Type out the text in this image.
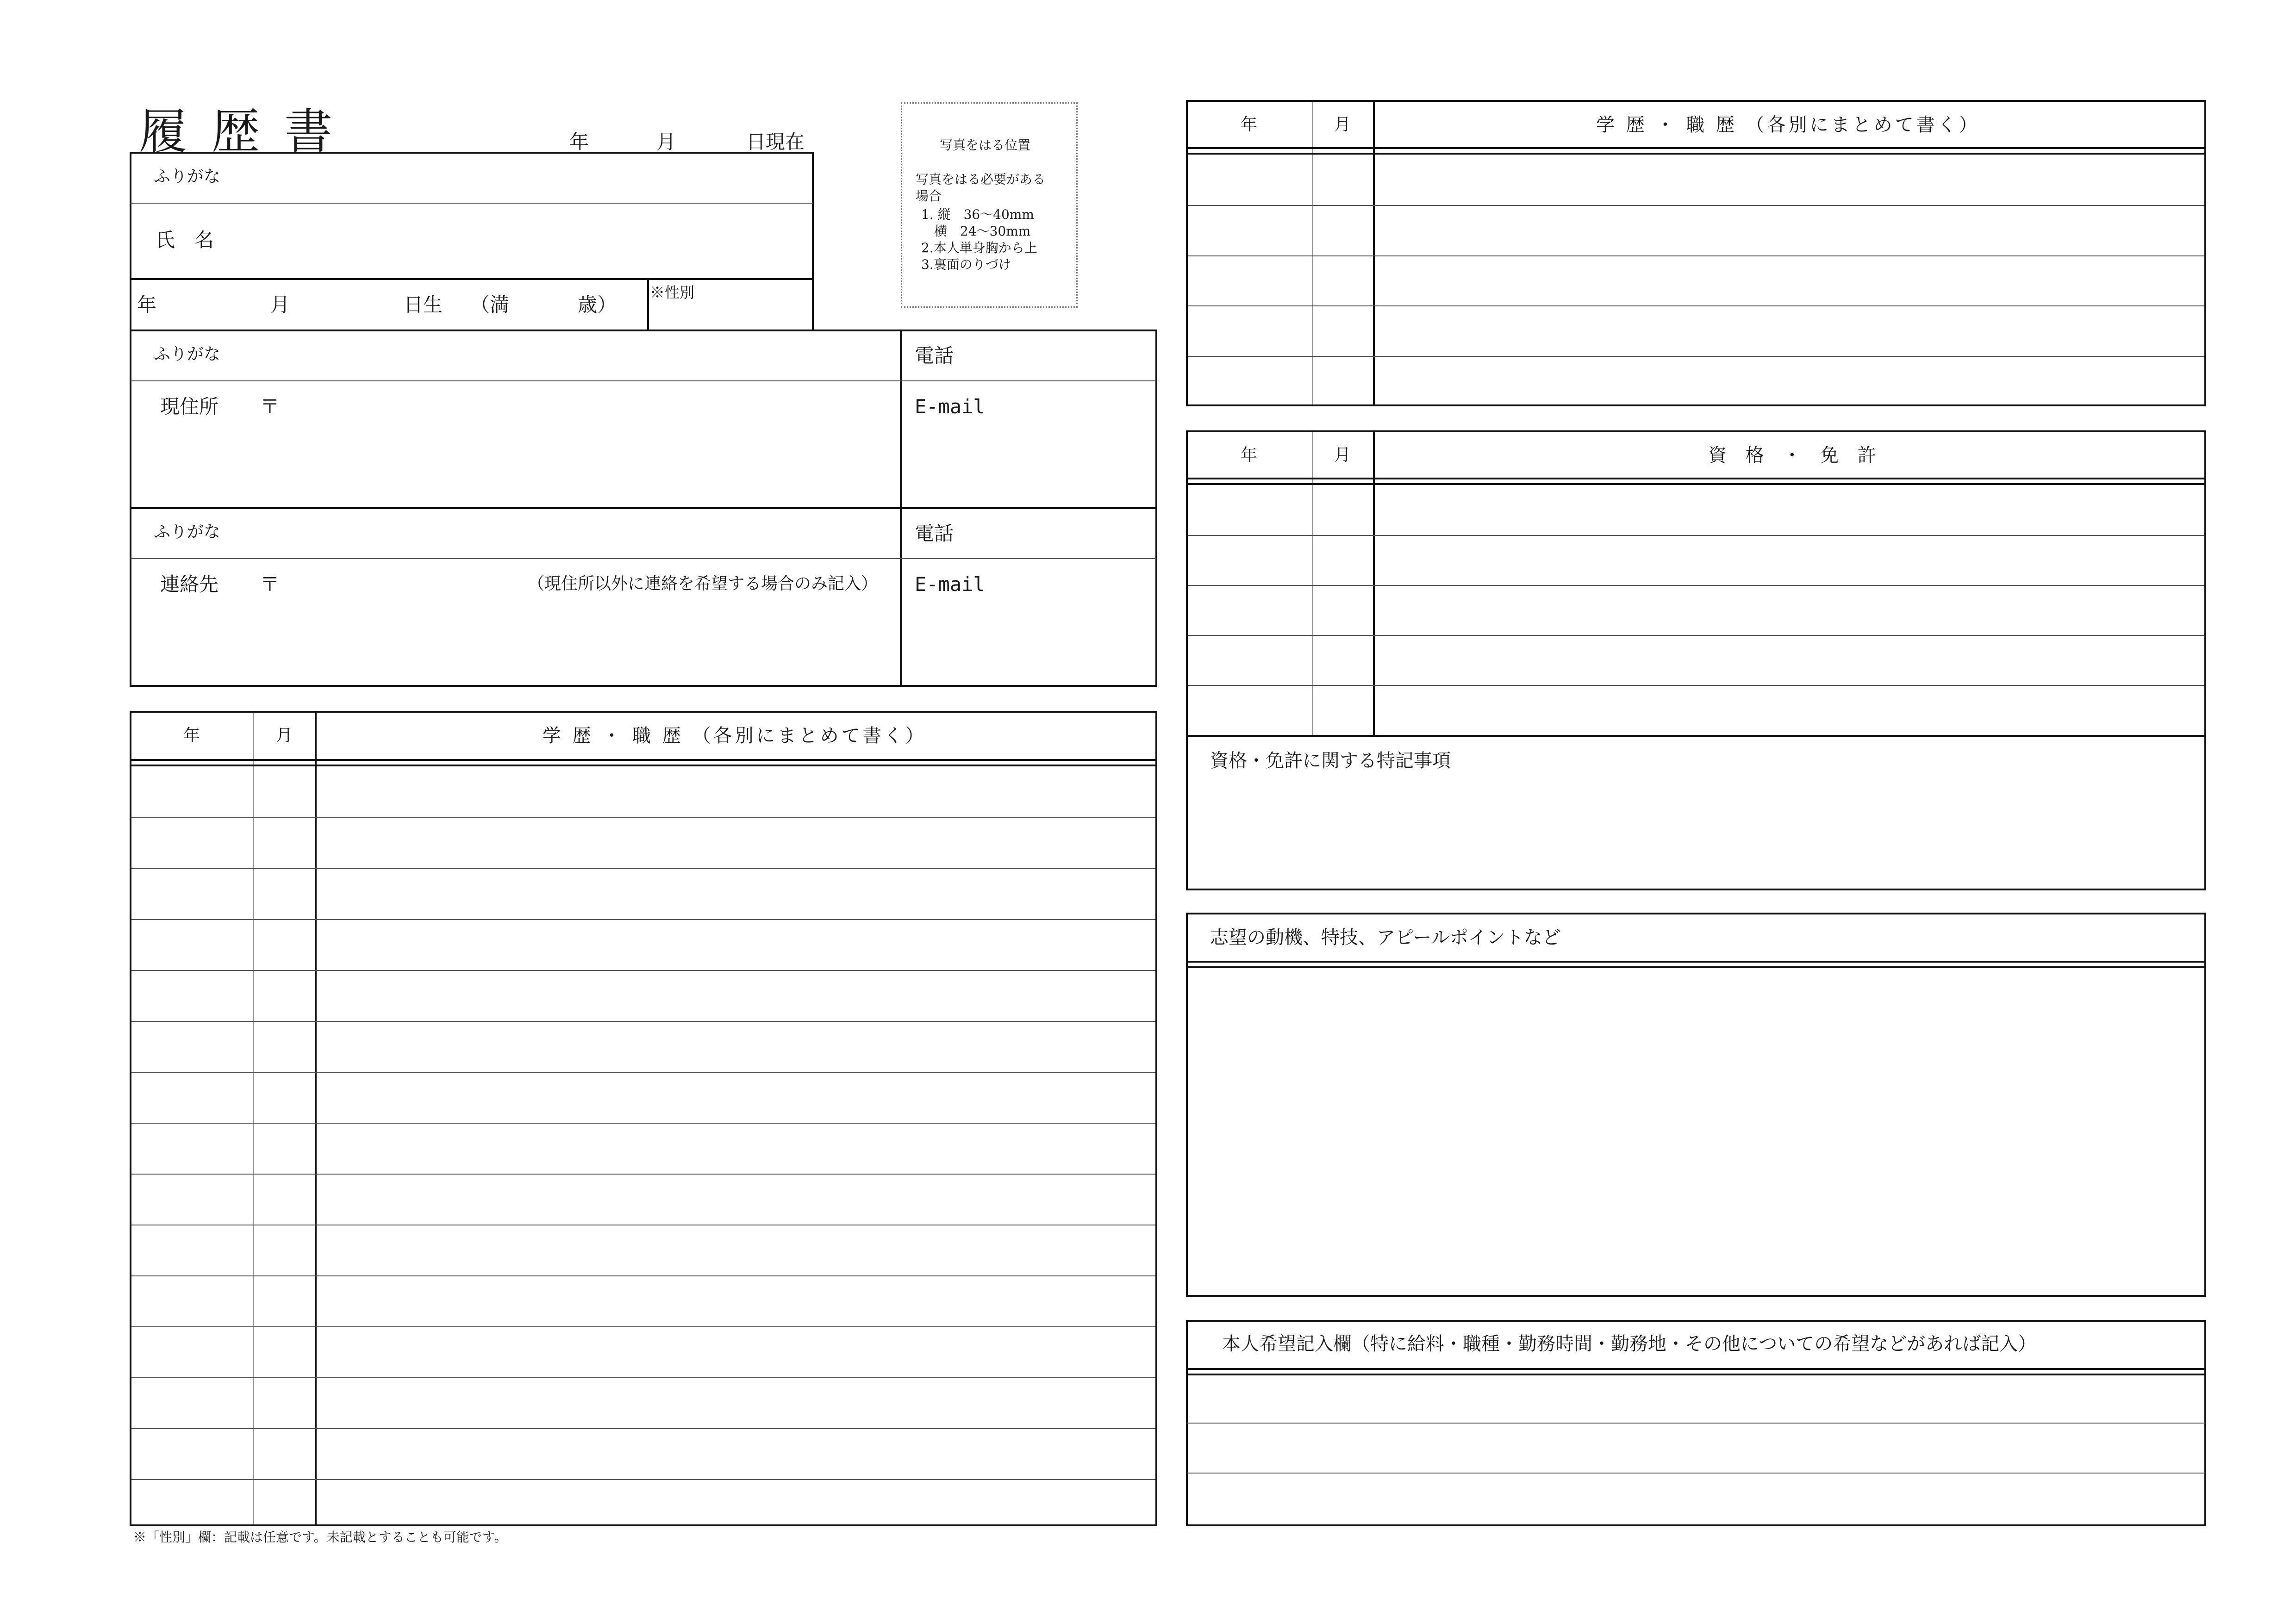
履 歴 書	年	月	日現在
ふりがな
氏　名
年	月	日生 （満	歳）
※性別
写真をはる位置
写真をはる必要がある
場合
1. 縦　36～40mm
　横　24～30mm
2.本人単身胸から上
3.裏面のりづけ
ふりがな
現住所 〒
電話
E-mail
ふりがな
連絡先 〒	（現住所以外に連絡を希望する場合のみ記入）
電話
E-mail
年	月	学 歴 ・ 職 歴 （各別にまとめて書く）
※「性別」欄：記載は任意です。未記載とすることも可能です。
年	月	学 歴 ・ 職 歴 （各別にまとめて書く）
年	月	資 格 ・ 免 許
資格・免許に関する特記事項
志望の動機、特技、アピールポイントなど
本人希望記入欄（特に給料・職種・勤務時間・勤務地・その他についての希望などがあれば記入）
